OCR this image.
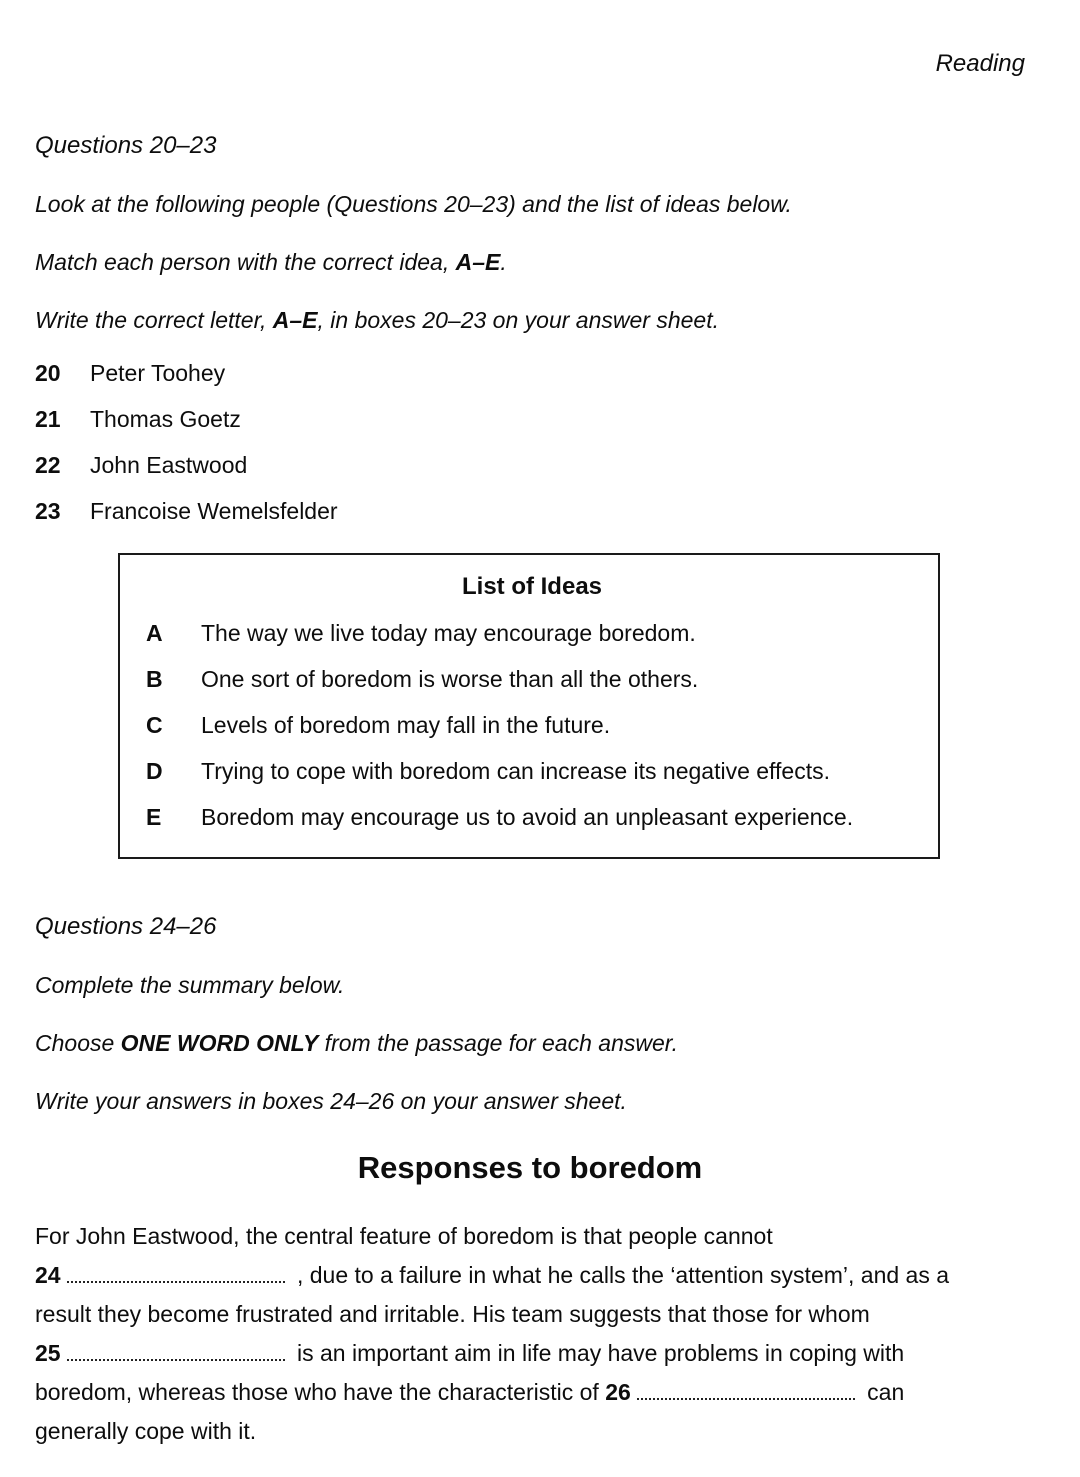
Reading
Questions 20–23
Look at the following people (Questions 20–23) and the list of ideas below.
Match each person with the correct idea, A–E.
Write the correct letter, A–E, in boxes 20–23 on your answer sheet.
20 Peter Toohey
21 Thomas Goetz
22 John Eastwood
23 Francoise Wemelsfelder
List of Ideas
A	The way we live today may encourage boredom.
B	One sort of boredom is worse than all the others.
C	Levels of boredom may fall in the future.
D	Trying to cope with boredom can increase its negative effects.
E	Boredom may encourage us to avoid an unpleasant experience.
Questions 24–26
Complete the summary below.
Choose ONE WORD ONLY from the passage for each answer.
Write your answers in boxes 24–26 on your answer sheet.
Responses to boredom
For John Eastwood, the central feature of boredom is that people cannot
24	, due to a failure in what he calls the ‘attention system’, and as a
result they become frustrated and irritable. His team suggests that those for whom
25	is an important aim in life may have problems in coping with
boredom, whereas those who have the characteristic of 26	can
generally cope with it.
